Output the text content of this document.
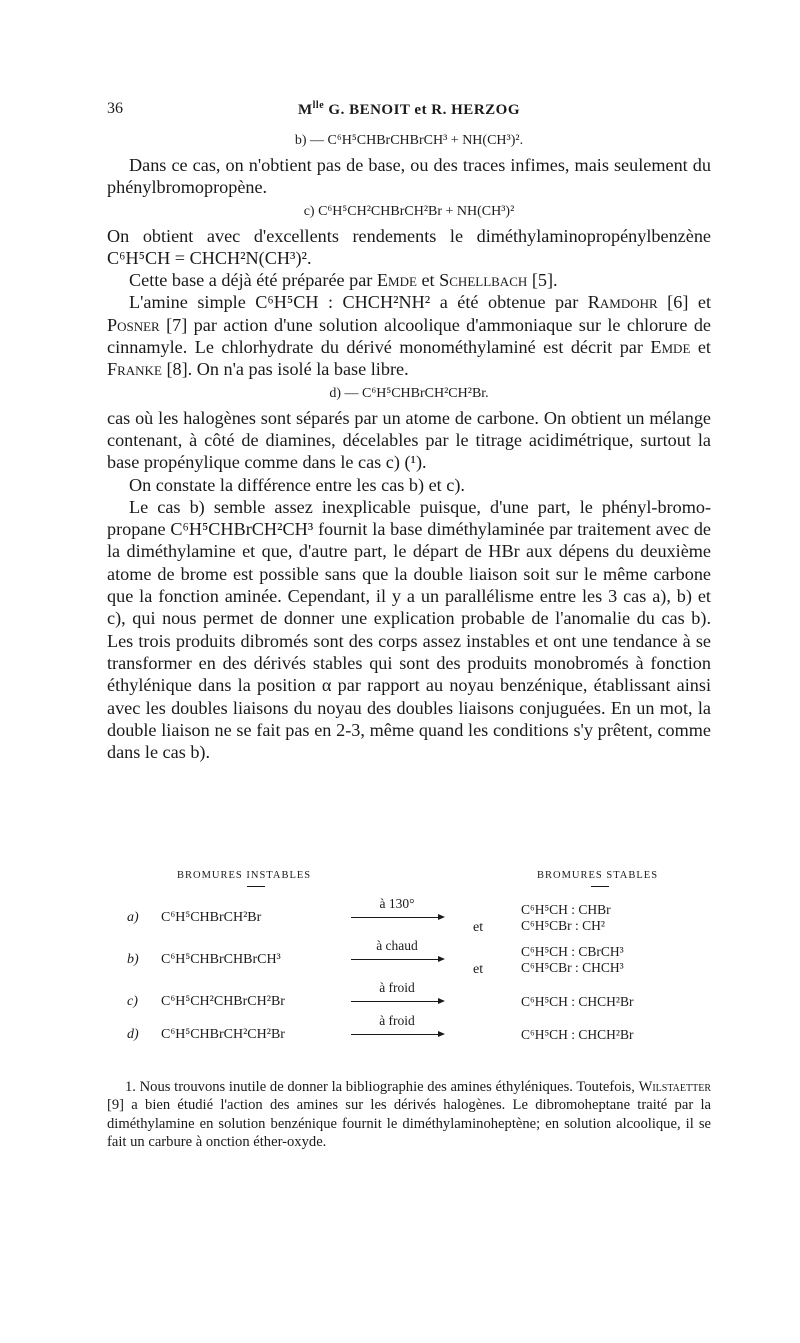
36	$M^{lle}$ G. BENOIT et R. HERZOG
b) — C⁶H⁵CHBrCHBrCH³ + NH(CH³)².

Dans ce cas, on n'obtient pas de base, ou des traces infimes, mais seulement du phénylbromopropène.

c) C⁶H⁵CH²CHBrCH²Br + NH(CH³)²

On obtient avec d'excellents rendements le diméthylaminopropénylbenzène C⁶H⁵CH = CHCH²N(CH³)².

Cette base a déjà été préparée par Emde et Schellbach [5].

L'amine simple C⁶H⁵CH : CHCH²NH² a été obtenue par Ramdohr [6] et Posner [7] par action d'une solution alcoolique d'ammoniaque sur le chlorure de cinnamyle. Le chlorhydrate du dérivé monométhylaminé est décrit par Emde et Franke [8]. On n'a pas isolé la base libre.

d) — C⁶H⁵CHBrCH²CH²Br.

cas où les halogènes sont séparés par un atome de carbone. On obtient un mélange contenant, à côté de diamines, décelables par le titrage acidimétrique, surtout la base propénylique comme dans le cas c) (¹).

On constate la différence entre les cas b) et c).

Le cas b) semble assez inexplicable puisque, d'une part, le phényl-bromo-propane C⁶H⁵CHBrCH²CH³ fournit la base diméthylaminée par traitement avec de la diméthylamine et que, d'autre part, le départ de HBr aux dépens du deuxième atome de brome est possible sans que la double liaison soit sur le même carbone que la fonction aminée. Cependant, il y a un parallélisme entre les 3 cas a), b) et c), qui nous permet de donner une explication probable de l'anomalie du cas b). Les trois produits dibromés sont des corps assez instables et ont une tendance à se transformer en des dérivés stables qui sont des produits monobromés à fonction éthylénique dans la position α par rapport au noyau benzénique, établissant ainsi avec les doubles liaisons du noyau des doubles liaisons conjuguées. En un mot, la double liaison ne se fait pas en 2-3, même quand les conditions s'y prêtent, comme dans le cas b).

BROMURES INSTABLES	BROMURES STABLES
a) C⁶H⁵CHBrCH²Br
à 130°
et
C⁶H⁵CH : CHBr
C⁶H⁵CBr : CH²
b) C⁶H⁵CHBrCHBrCH³
à chaud
et
C⁶H⁵CH : CBrCH³
C⁶H⁵CBr : CHCH³
c) C⁶H⁵CH²CHBrCH²Br
à froid
C⁶H⁵CH : CHCH²Br
d) C⁶H⁵CHBrCH²CH²Br
à froid
C⁶H⁵CH : CHCH²Br
1. Nous trouvons inutile de donner la bibliographie des amines éthyléniques. Toutefois, Wilstaetter [9] a bien étudié l'action des amines sur les dérivés halogènes. Le dibromoheptane traité par la diméthylamine en solution benzénique fournit le diméthylaminoheptène; en solution alcoolique, il se fait un carbure à onction éther-oxyde.
